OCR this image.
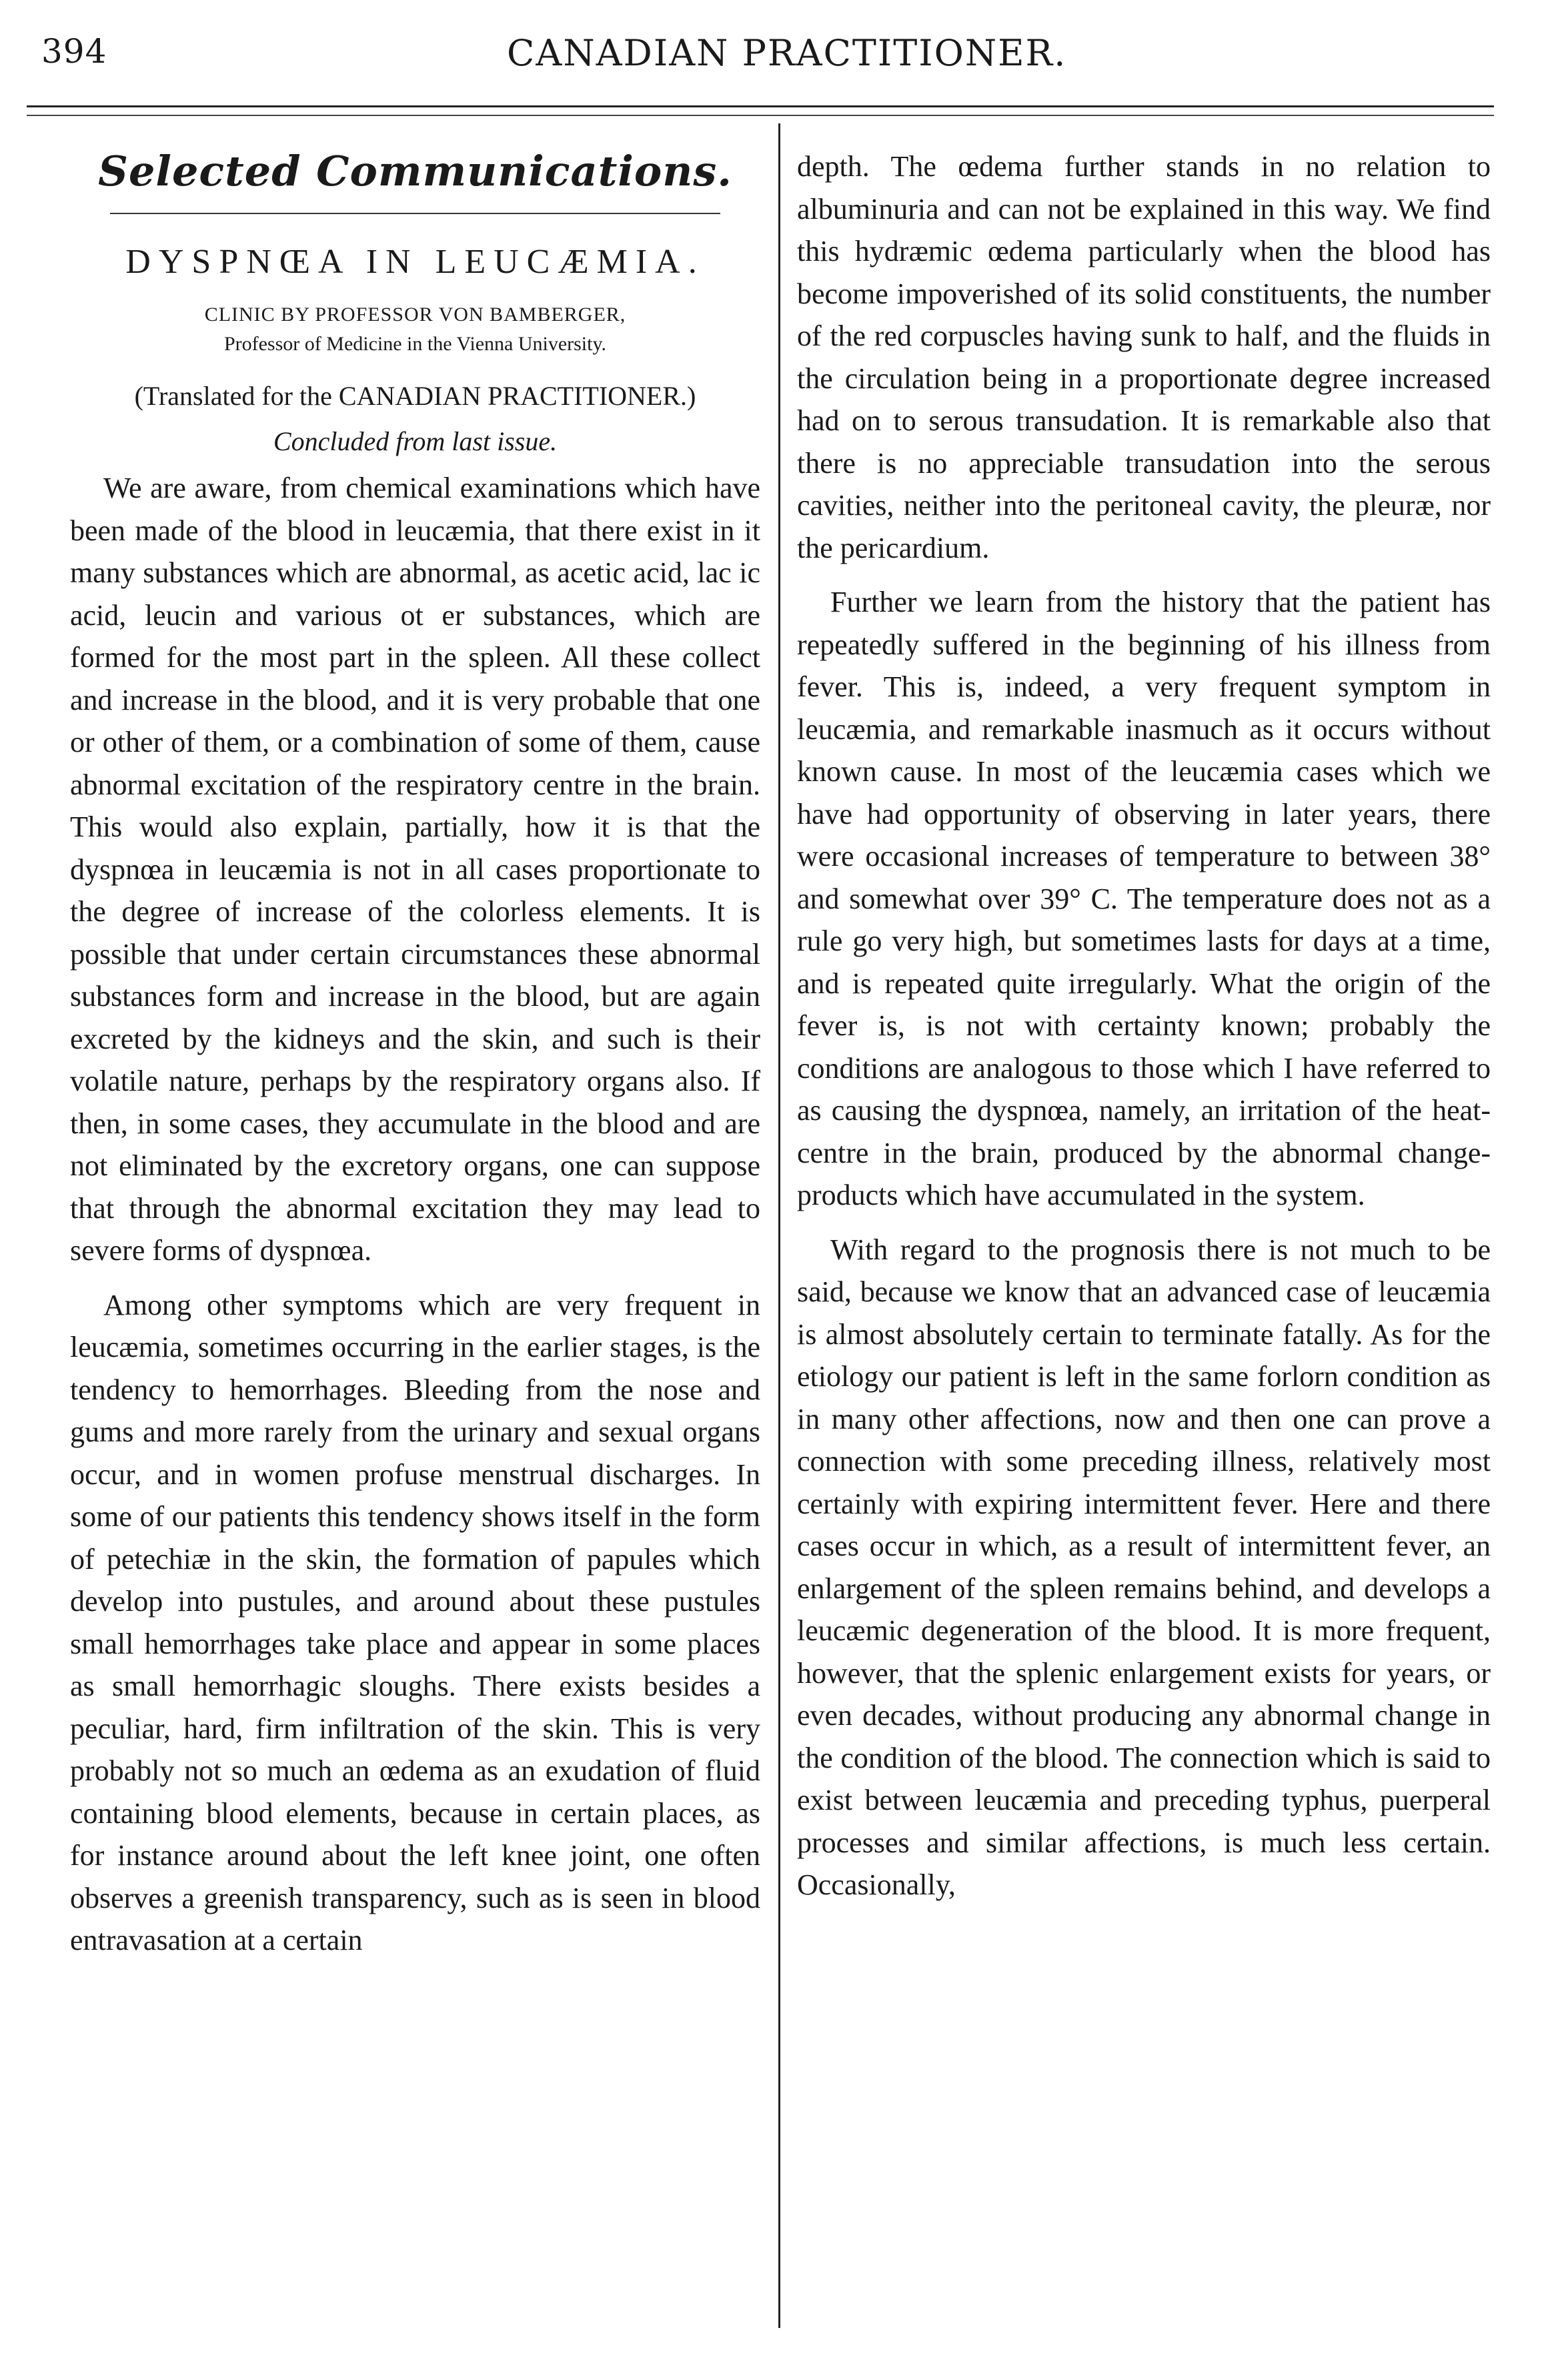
394	CANADIAN PRACTITIONER.
Selected Communications.
DYSPNŒA IN LEUCÆMIA.

CLINIC BY PROFESSOR VON BAMBERGER,

Professor of Medicine in the Vienna University.

(Translated for the CANADIAN PRACTITIONER.)

Concluded from last issue.

We are aware, from chemical examinations which have been made of the blood in leucæmia, that there exist in it many substances which are abnormal, as acetic acid, lac ic acid, leucin and various ot er substances, which are formed for the most part in the spleen. All these collect and increase in the blood, and it is very probable that one or other of them, or a combination of some of them, cause abnormal excitation of the respiratory centre in the brain. This would also explain, partially, how it is that the dyspnœa in leucæmia is not in all cases proportionate to the degree of increase of the colorless elements. It is possible that under certain circumstances these abnormal substances form and increase in the blood, but are again excreted by the kidneys and the skin, and such is their volatile nature, perhaps by the respiratory organs also. If then, in some cases, they accumulate in the blood and are not eliminated by the excretory organs, one can suppose that through the abnormal excitation they may lead to severe forms of dyspnœa.

Among other symptoms which are very frequent in leucæmia, sometimes occurring in the earlier stages, is the tendency to hemorrhages. Bleeding from the nose and gums and more rarely from the urinary and sexual organs occur, and in women profuse menstrual discharges. In some of our patients this tendency shows itself in the form of petechiæ in the skin, the formation of papules which develop into pustules, and around about these pustules small hemorrhages take place and appear in some places as small hemorrhagic sloughs. There exists besides a peculiar, hard, firm infiltration of the skin. This is very probably not so much an œdema as an exudation of fluid containing blood elements, because in certain places, as for instance around about the left knee joint, one often observes a greenish transparency, such as is seen in blood entravasation at a certain

depth. The œdema further stands in no relation to albuminuria and can not be explained in this way. We find this hydræmic œdema particularly when the blood has become impoverished of its solid constituents, the number of the red corpuscles having sunk to half, and the fluids in the circulation being in a proportionate degree increased had on to serous transudation. It is remarkable also that there is no appreciable transudation into the serous cavities, neither into the peritoneal cavity, the pleuræ, nor the pericardium.

Further we learn from the history that the patient has repeatedly suffered in the beginning of his illness from fever. This is, indeed, a very frequent symptom in leucæmia, and remarkable inasmuch as it occurs without known cause. In most of the leucæmia cases which we have had opportunity of observing in later years, there were occasional increases of temperature to between 38° and somewhat over 39° C. The temperature does not as a rule go very high, but sometimes lasts for days at a time, and is repeated quite irregularly. What the origin of the fever is, is not with certainty known; probably the conditions are analogous to those which I have referred to as causing the dyspnœa, namely, an irritation of the heat-centre in the brain, produced by the abnormal change-products which have accumulated in the system.

With regard to the prognosis there is not much to be said, because we know that an advanced case of leucæmia is almost absolutely certain to terminate fatally. As for the etiology our patient is left in the same forlorn condition as in many other affections, now and then one can prove a connection with some preceding illness, relatively most certainly with expiring intermittent fever. Here and there cases occur in which, as a result of intermittent fever, an enlargement of the spleen remains behind, and develops a leucæmic degeneration of the blood. It is more frequent, however, that the splenic enlargement exists for years, or even decades, without producing any abnormal change in the condition of the blood. The connection which is said to exist between leucæmia and preceding typhus, puerperal processes and similar affections, is much less certain. Occasionally,
